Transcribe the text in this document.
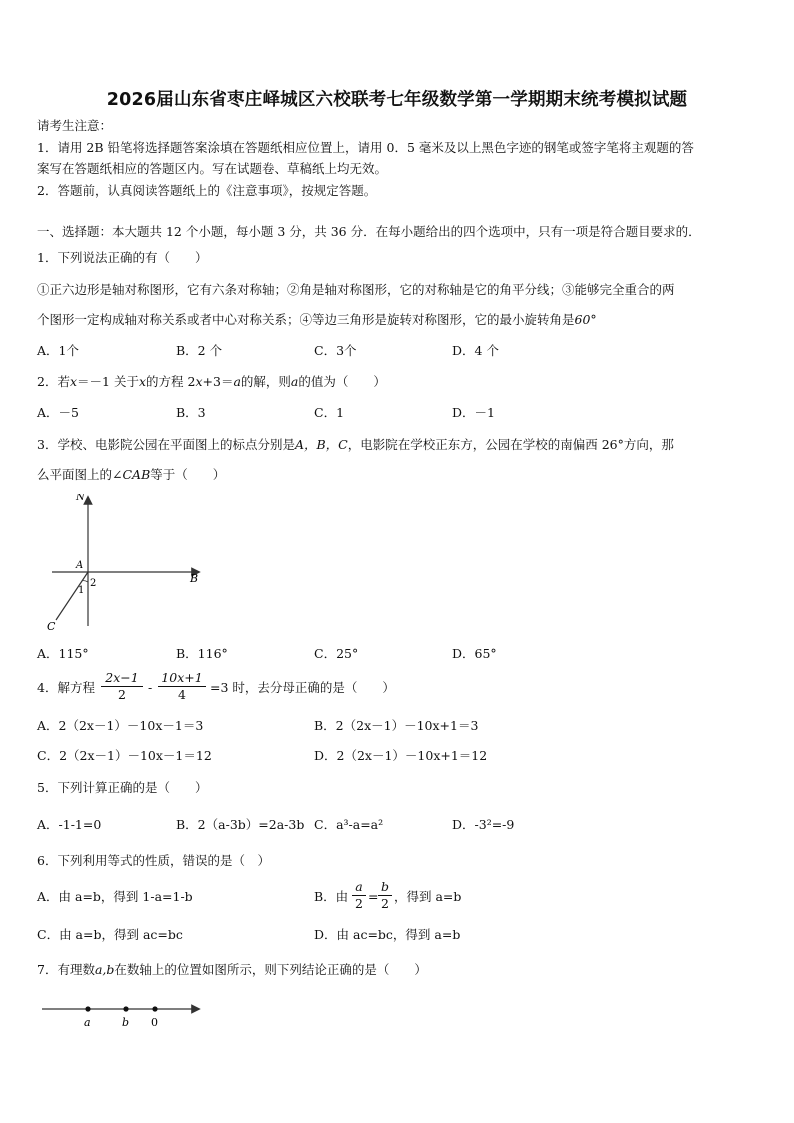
2026届山东省枣庄峄城区六校联考七年级数学第一学期期末统考模拟试题
请考生注意：
1．请用 2B 铅笔将选择题答案涂填在答题纸相应位置上，请用 0．5 毫米及以上黑色字迹的钢笔或签字笔将主观题的答
案写在答题纸相应的答题区内。写在试题卷、草稿纸上均无效。
2．答题前，认真阅读答题纸上的《注意事项》，按规定答题。
一、选择题：本大题共 12 个小题，每小题 3 分，共 36 分．在每小题给出的四个选项中，只有一项是符合题目要求的．
1．下列说法正确的有（　　）
①正六边形是轴对称图形，它有六条对称轴；②角是轴对称图形，它的对称轴是它的角平分线；③能够完全重合的两
个图形一定构成轴对称关系或者中心对称关系；④等边三角形是旋转对称图形，它的最小旋转角是60°
A．1个	B．2 个	C．3个	D．4 个
2．若x＝－1 关于x的方程 2x+3＝a的解，则a的值为（　　）
A．－5	B．3	C．1	D．－1
3．学校、电影院公园在平面图上的标点分别是A，B，C，电影院在学校正东方，公园在学校的南偏西 26°方向，那
么平面图上的∠CAB等于（　　）
N
A
B
C
1
2
A．115°	B．116°	C．25°	D．65°
4．解方程 $\frac{2x-1}{2} - \frac{10x+1}{4} =3$ 时，去分母正确的是（　　）
A．2（2x－1）－10x－1＝3	B．2（2x－1）－10x+1＝3
C．2（2x－1）－10x－1＝12	D．2（2x－1）－10x+1＝12
5．下列计算正确的是（　　）
A．-1-1=0	B．2（a-3b）=2a-3b C．a³-a=a²	D．-3²=-9
6．下列利用等式的性质，错误的是（　）
A．由 a=b，得到 1-a=1-b	B．由 $\frac{a}{2} = \frac{b}{2}$ ，得到 a=b
C．由 a=b，得到 ac=bc	D．由 ac=bc，得到 a=b
7．有理数a,b在数轴上的位置如图所示，则下列结论正确的是（　　）
a	b 0
